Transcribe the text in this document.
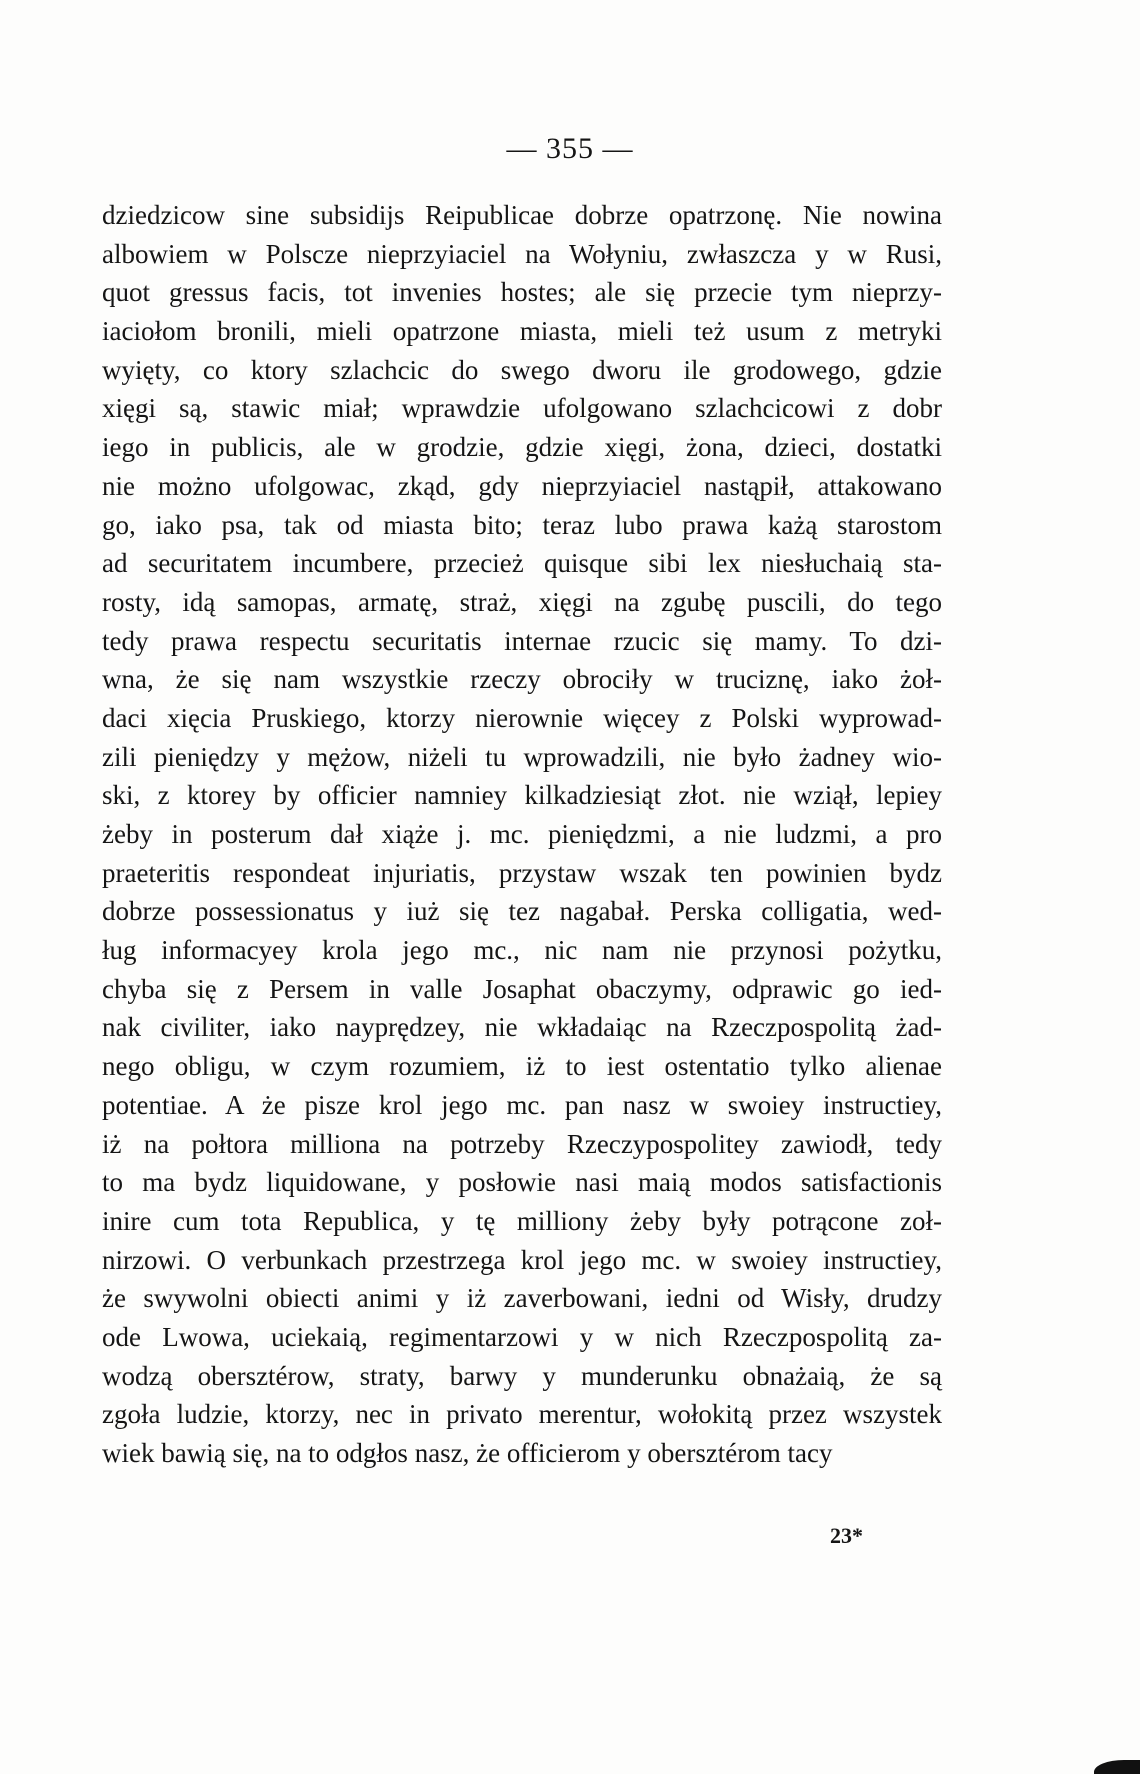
— 355 —
dziedzicow sine subsidijs Reipublicae dobrze opatrzonę. Nie nowina
albowiem w Polscze nieprzyiaciel na Wołyniu, zwłaszcza y w Rusi,
quot gressus facis, tot invenies hostes; ale się przecie tym nieprzy-
iaciołom bronili, mieli opatrzone miasta, mieli też usum z metryki
wyięty, co ktory szlachcic do swego dworu ile grodowego, gdzie
xięgi są, stawic miał; wprawdzie ufolgowano szlachcicowi z dobr
iego in publicis, ale w grodzie, gdzie xięgi, żona, dzieci, dostatki
nie możno ufolgowac, zkąd, gdy nieprzyiaciel nastąpił, attakowano
go, iako psa, tak od miasta bito; teraz lubo prawa każą starostom
ad securitatem incumbere, przecież quisque sibi lex niesłuchaią sta-
rosty, idą samopas, armatę, straż, xięgi na zgubę puscili, do tego
tedy prawa respectu securitatis internae rzucic się mamy. To dzi-
wna, że się nam wszystkie rzeczy obrociły w truciznę, iako żoł-
daci xięcia Pruskiego, ktorzy nierownie więcey z Polski wyprowad-
zili pieniędzy y mężow, niżeli tu wprowadzili, nie było żadney wio-
ski, z ktorey by officier namniey kilkadziesiąt złot. nie wziął, lepiey
żeby in posterum dał xiąże j. mc. pieniędzmi, a nie ludzmi, a pro
praeteritis respondeat injuriatis, przystaw wszak ten powinien bydz
dobrze possessionatus y iuż się tez nagabał. Perska colligatia, wed-
ług informacyey krola jego mc., nic nam nie przynosi pożytku,
chyba się z Persem in valle Josaphat obaczymy, odprawic go ied-
nak civiliter, iako nayprędzey, nie wkładaiąc na Rzeczpospolitą żad-
nego obligu, w czym rozumiem, iż to iest ostentatio tylko alienae
potentiae. A że pisze krol jego mc. pan nasz w swoiey instructiey,
iż na połtora milliona na potrzeby Rzeczypospolitey zawiodł, tedy
to ma bydz liquidowane, y posłowie nasi maią modos satisfactionis
inire cum tota Republica, y tę milliony żeby były potrącone zoł-
nirzowi. O verbunkach przestrzega krol jego mc. w swoiey instructiey,
że swywolni obiecti animi y iż zaverbowani, iedni od Wisły, drudzy
ode Lwowa, uciekaią, regimentarzowi y w nich Rzeczpospolitą za-
wodzą obersztérow, straty, barwy y munderunku obnażaią, że są
zgoła ludzie, ktorzy, nec in privato merentur, wołokitą przez wszystek
wiek bawią się, na to odgłos nasz, że officierom y obersztérom tacy
23*
